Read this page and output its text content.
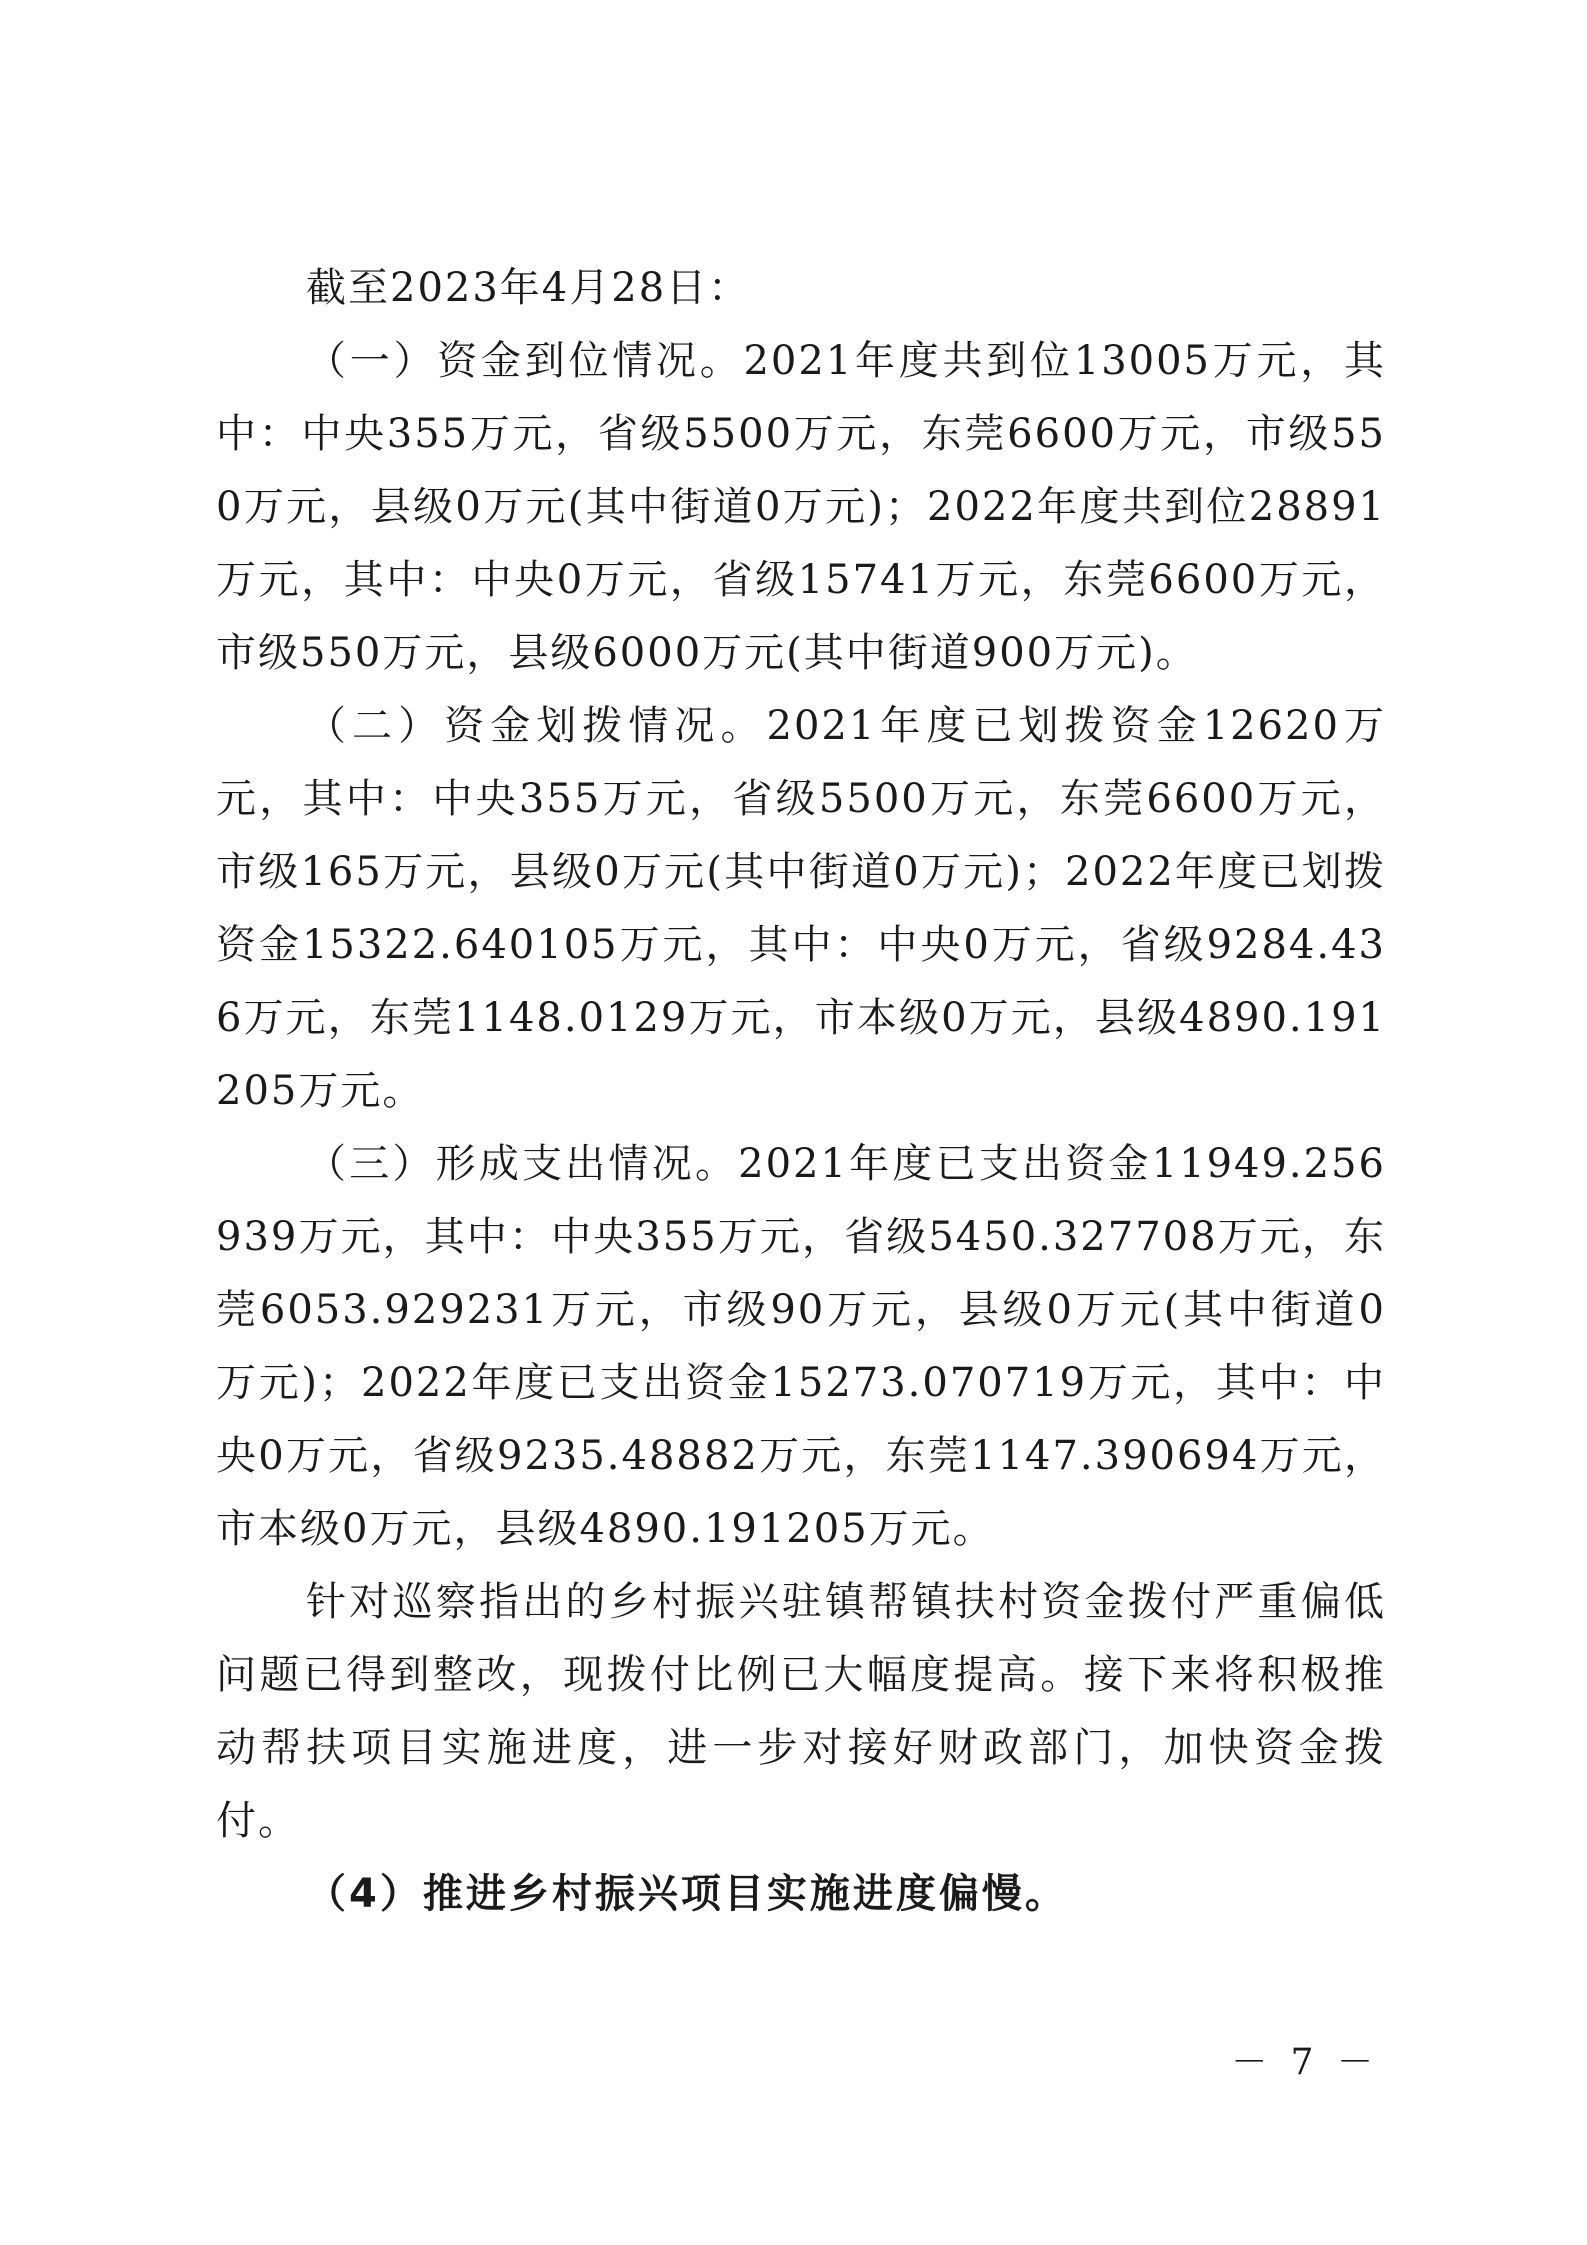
截至2023年4月28日：

（一）资金到位情况。2021年度共到位13005万元，其中：中央355万元，省级5500万元，东莞6600万元，市级550万元，县级0万元(其中街道0万元)；2022年度共到位28891万元，其中：中央0万元，省级15741万元，东莞6600万元，市级550万元，县级6000万元(其中街道900万元)。

（二）资金划拨情况。2021年度已划拨资金12620万元，其中：中央355万元，省级5500万元，东莞6600万元，市级165万元，县级0万元(其中街道0万元)；2022年度已划拨资金15322.640105万元，其中：中央0万元，省级9284.436万元，东莞1148.0129万元，市本级0万元，县级4890.191205万元。

（三）形成支出情况。2021年度已支出资金11949.256939万元，其中：中央355万元，省级5450.327708万元，东莞6053.929231万元，市级90万元，县级0万元(其中街道0万元)；2022年度已支出资金15273.070719万元，其中：中央0万元，省级9235.48882万元，东莞1147.390694万元，市本级0万元，县级4890.191205万元。

针对巡察指出的乡村振兴驻镇帮镇扶村资金拨付严重偏低问题已得到整改，现拨付比例已大幅度提高。接下来将积极推动帮扶项目实施进度，进一步对接好财政部门，加快资金拨付。

（4）推进乡村振兴项目实施进度偏慢。

－ 7 －
